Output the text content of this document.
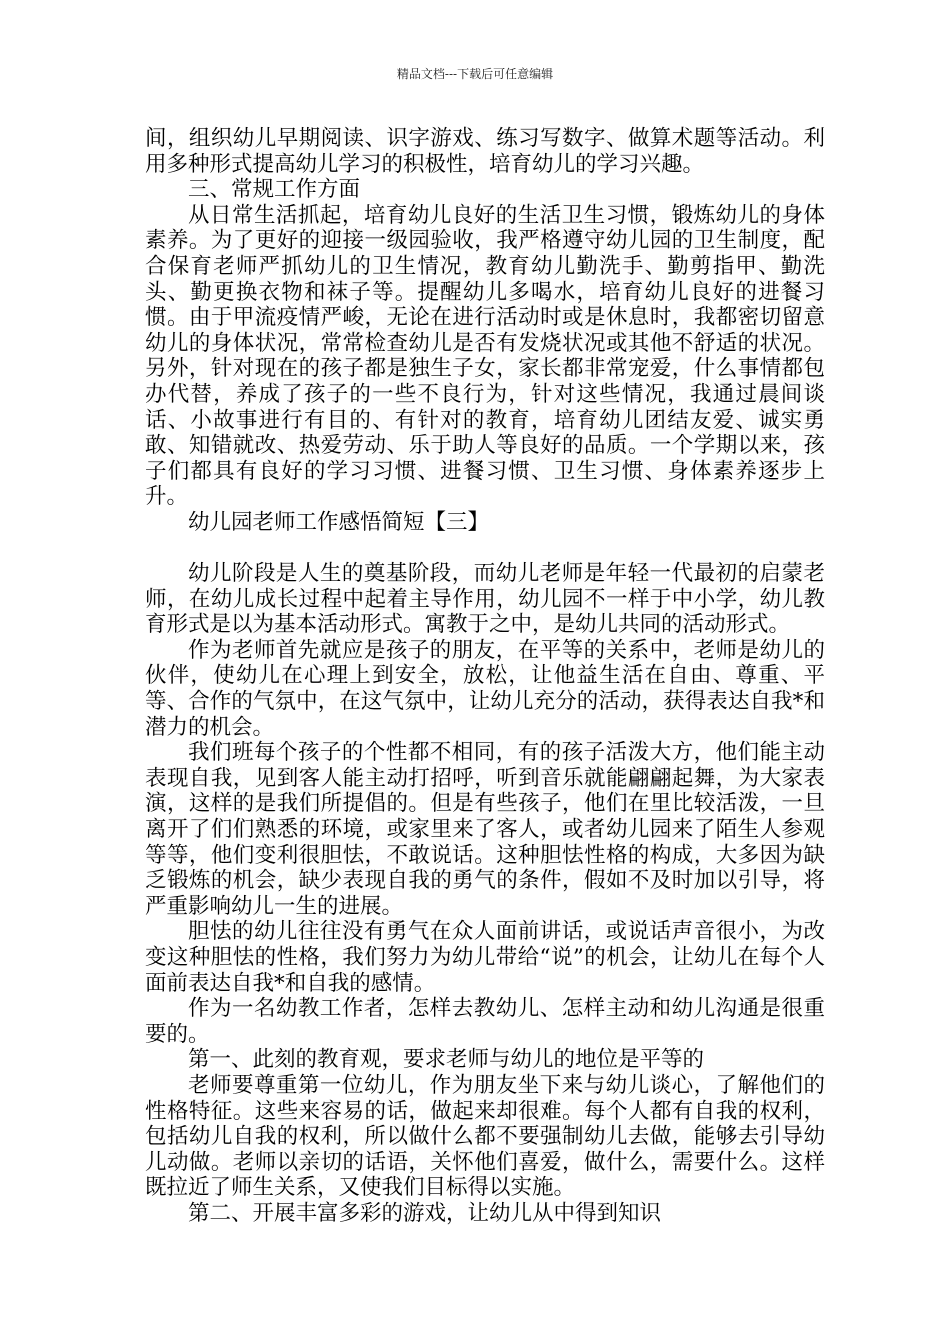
精品文档---下载后可任意编辑

间，组织幼儿早期阅读、识字游戏、练习写数字、做算术题等活动。利用多种形式提高幼儿学习的积极性，培育幼儿的学习兴趣。

三、常规工作方面

从日常生活抓起，培育幼儿良好的生活卫生习惯，锻炼幼儿的身体素养。为了更好的迎接一级园验收，我严格遵守幼儿园的卫生制度，配合保育老师严抓幼儿的卫生情况，教育幼儿勤洗手、勤剪指甲、勤洗头、勤更换衣物和袜子等。提醒幼儿多喝水，培育幼儿良好的进餐习惯。由于甲流疫情严峻，无论在进行活动时或是休息时，我都密切留意幼儿的身体状况，常常检查幼儿是否有发烧状况或其他不舒适的状况。另外，针对现在的孩子都是独生子女，家长都非常宠爱，什么事情都包办代替，养成了孩子的一些不良行为，针对这些情况，我通过晨间谈话、小故事进行有目的、有针对的教育，培育幼儿团结友爱、诚实勇敢、知错就改、热爱劳动、乐于助人等良好的品质。一个学期以来，孩子们都具有良好的学习习惯、进餐习惯、卫生习惯、身体素养逐步上升。

幼儿园老师工作感悟简短【三】

幼儿阶段是人生的奠基阶段，而幼儿老师是年轻一代最初的启蒙老师，在幼儿成长过程中起着主导作用，幼儿园不一样于中小学，幼儿教育形式是以为基本活动形式。寓教于之中，是幼儿共同的活动形式。

作为老师首先就应是孩子的朋友，在平等的关系中，老师是幼儿的伙伴，使幼儿在心理上到安全，放松，让他益生活在自由、尊重、平等、合作的气氛中，在这气氛中，让幼儿充分的活动，获得表达自我*和潜力的机会。

我们班每个孩子的个性都不相同，有的孩子活泼大方，他们能主动表现自我，见到客人能主动打招呼，听到音乐就能翩翩起舞，为大家表演，这样的是我们所提倡的。但是有些孩子，他们在里比较活泼，一旦离开了们们熟悉的环境，或家里来了客人，或者幼儿园来了陌生人参观等等，他们变利很胆怯，不敢说话。这种胆怯性格的构成，大多因为缺乏锻炼的机会，缺少表现自我的勇气的条件，假如不及时加以引导，将严重影响幼儿一生的进展。

胆怯的幼儿往往没有勇气在众人面前讲话，或说话声音很小，为改变这种胆怯的性格，我们努力为幼儿带给“说”的机会，让幼儿在每个人面前表达自我*和自我的感情。

作为一名幼教工作者，怎样去教幼儿、怎样主动和幼儿沟通是很重要的。

第一、此刻的教育观，要求老师与幼儿的地位是平等的

老师要尊重第一位幼儿，作为朋友坐下来与幼儿谈心，了解他们的性格特征。这些来容易的话，做起来却很难。每个人都有自我的权利，包括幼儿自我的权利，所以做什么都不要强制幼儿去做，能够去引导幼儿动做。老师以亲切的话语，关怀他们喜爱，做什么，需要什么。这样既拉近了师生关系，又使我们目标得以实施。

第二、开展丰富多彩的游戏，让幼儿从中得到知识
